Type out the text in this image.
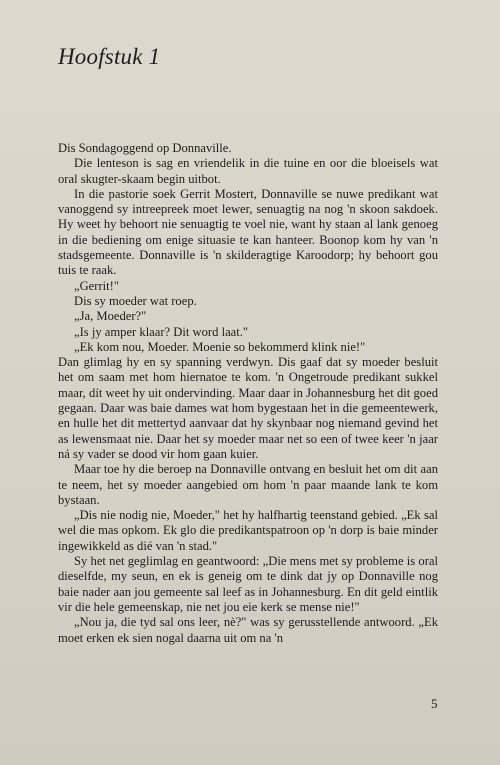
Hoofstuk 1

Dis Sondagoggend op Donnaville.

Die lenteson is sag en vriendelik in die tuine en oor die bloeisels wat oral skugter-skaam begin uitbot.

In die pastorie soek Gerrit Mostert, Donnaville se nuwe predikant wat vanoggend sy intreepreek moet lewer, senuagtig na nog 'n skoon sakdoek. Hy weet hy behoort nie senuagtig te voel nie, want hy staan al lank genoeg in die bediening om enige situasie te kan hanteer. Boonop kom hy van 'n stadsgemeente. Donnaville is 'n skilderagtige Karoodorp; hy behoort gou tuis te raak.

„Gerrit!"

Dis sy moeder wat roep.

„Ja, Moeder?"

„Is jy amper klaar? Dit word laat."

„Ek kom nou, Moeder. Moenie so bekommerd klink nie!"

Dan glimlag hy en sy spanning verdwyn. Dis gaaf dat sy moeder besluit het om saam met hom hiernatoe te kom. 'n Ongetroude predikant sukkel maar, dít weet hy uit ondervinding. Maar daar in Johannesburg het dit goed gegaan. Daar was baie dames wat hom bygestaan het in die gemeentewerk, en hulle het dit mettertyd aanvaar dat hy skynbaar nog niemand gevind het as lewensmaat nie. Daar het sy moeder maar net so een of twee keer 'n jaar ná sy vader se dood vir hom gaan kuier.

Maar toe hy die beroep na Donnaville ontvang en besluit het om dit aan te neem, het sy moeder aangebied om hom 'n paar maande lank te kom bystaan.

„Dis nie nodig nie, Moeder," het hy halfhartig teenstand gebied. „Ek sal wel die mas opkom. Ek glo die predikantspatroon op 'n dorp is baie minder ingewikkeld as dié van 'n stad."

Sy het net geglimlag en geantwoord: „Die mens met sy probleme is oral dieselfde, my seun, en ek is geneig om te dink dat jy op Donnaville nog baie nader aan jou gemeente sal leef as in Johannesburg. En dit geld eintlik vir die hele gemeenskap, nie net jou eie kerk se mense nie!"

„Nou ja, die tyd sal ons leer, nè?" was sy gerusstellende antwoord. „Ek moet erken ek sien nogal daarna uit om na 'n

5
